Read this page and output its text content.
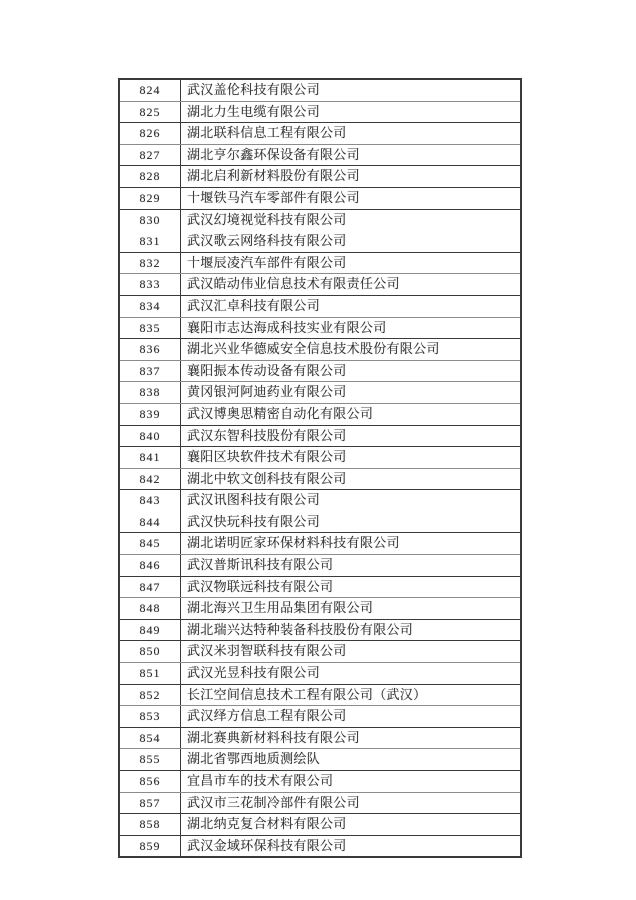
824	武汉盖伦科技有限公司
825	湖北力生电缆有限公司
826	湖北联科信息工程有限公司
827	湖北亨尔鑫环保设备有限公司
828	湖北启利新材料股份有限公司
829	十堰铁马汽车零部件有限公司
830	武汉幻境视觉科技有限公司
831	武汉歌云网络科技有限公司
832	十堰辰凌汽车部件有限公司
833	武汉皓动伟业信息技术有限责任公司
834	武汉汇卓科技有限公司
835	襄阳市志达海成科技实业有限公司
836	湖北兴业华德威安全信息技术股份有限公司
837	襄阳振本传动设备有限公司
838	黄冈银河阿迪药业有限公司
839	武汉博奥思精密自动化有限公司
840	武汉东智科技股份有限公司
841	襄阳区块软件技术有限公司
842	湖北中软文创科技有限公司
843	武汉讯图科技有限公司
844	武汉快玩科技有限公司
845	湖北诺明匠家环保材料科技有限公司
846	武汉普斯讯科技有限公司
847	武汉物联远科技有限公司
848	湖北海兴卫生用品集团有限公司
849	湖北瑞兴达特种装备科技股份有限公司
850	武汉米羽智联科技有限公司
851	武汉光昱科技有限公司
852	长江空间信息技术工程有限公司（武汉）
853	武汉绎方信息工程有限公司
854	湖北赛典新材料科技有限公司
855	湖北省鄂西地质测绘队
856	宜昌市车的技术有限公司
857	武汉市三花制冷部件有限公司
858	湖北纳克复合材料有限公司
859	武汉金域环保科技有限公司
